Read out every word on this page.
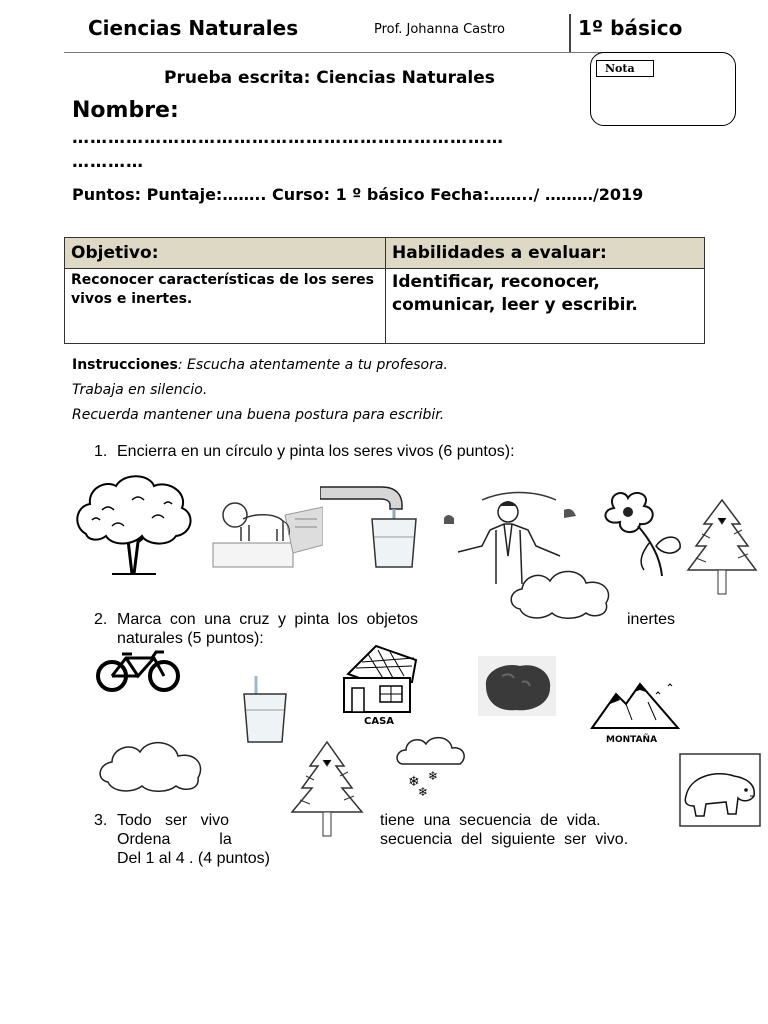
Ciencias Naturales	Prof. Johanna Castro	1º básico
Prueba escrita: Ciencias Naturales	Nota
Nombre:
………………………………………………………………
…………
Puntos: Puntaje:…….. Curso: 1 º básico Fecha:……../ ………/2019
Objetivo:	Habilidades a evaluar:
Reconocer características de los seres vivos e inertes.	Identificar, reconocer, comunicar, leer y escribir.
Instrucciones: Escucha atentamente a tu profesora.
Trabaja en silencio.
Recuerda mantener una buena postura para escribir.
1. Encierra en un círculo y pinta los seres vivos (6 puntos):
2. Marca con una cruz y pinta los objetos	inertes
naturales (5 puntos):
CASA
MONTAÑA
❄ ❄
❄
3. Todo   ser   vivo	tiene  una  secuencia  de  vida.
Ordena           la	secuencia  del  siguiente  ser  vivo.
Del 1 al 4 . (4 puntos)
